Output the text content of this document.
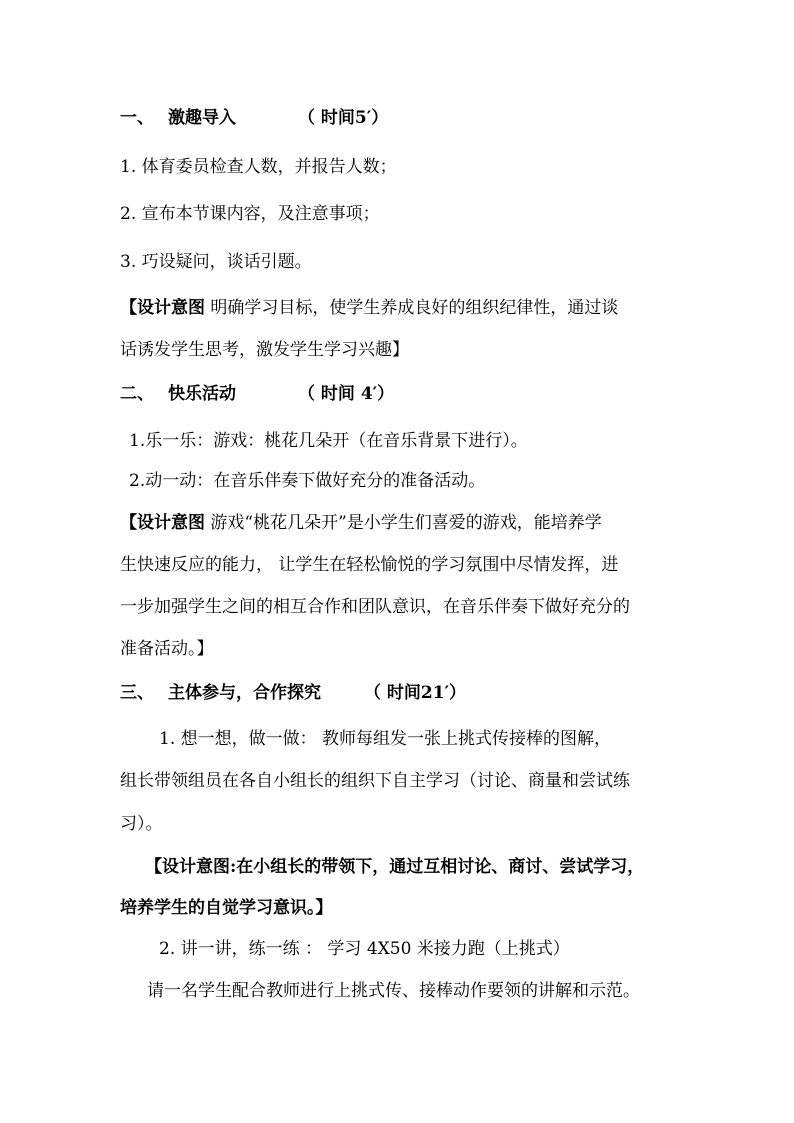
一、 激趣导入	（ 时间5′）
1. 体育委员检查人数，并报告人数；
2. 宣布本节课内容，及注意事项；
3. 巧设疑问，谈话引题。
【设计意图 明确学习目标，使学生养成良好的组织纪律性，通过谈
话诱发学生思考，激发学生学习兴趣】
二、 快乐活动	（ 时间 4′）
1.乐一乐：游戏：桃花几朵开（在音乐背景下进行）。
2.动一动：在音乐伴奏下做好充分的准备活动。
【设计意图 游戏“桃花几朵开”是小学生们喜爱的游戏，能培养学
生快速反应的能力， 让学生在轻松愉悦的学习氛围中尽情发挥，进
一步加强学生之间的相互合作和团队意识，在音乐伴奏下做好充分的
准备活动。】
三、 主体参与，合作探究	（ 时间21′）
1. 想一想，做一做： 教师每组发一张上挑式传接棒的图解，
组长带领组员在各自小组长的组织下自主学习（讨论、商量和尝试练
习）。
【设计意图:在小组长的带领下，通过互相讨论、商讨、尝试学习，
培养学生的自觉学习意识。】
2. 讲一讲，练一练 ： 学习 4X50 米接力跑（上挑式）
请一名学生配合教师进行上挑式传、接棒动作要领的讲解和示范。
